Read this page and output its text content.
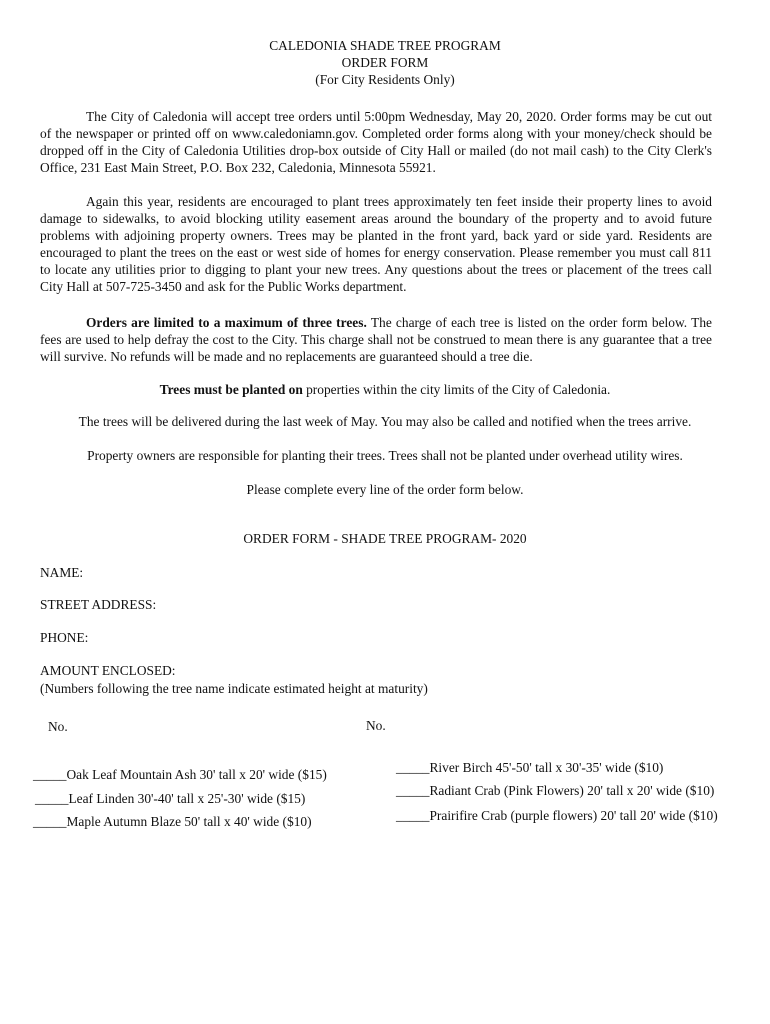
CALEDONIA SHADE TREE PROGRAM
ORDER FORM
(For City Residents Only)

The City of Caledonia will accept tree orders until 5:00pm Wednesday, May 20, 2020. Order forms may be cut out of the newspaper or printed off on www.caledoniamn.gov. Completed order forms along with your money/check should be dropped off in the City of Caledonia Utilities drop-box outside of City Hall or mailed (do not mail cash) to the City Clerk's Office, 231 East Main Street, P.O. Box 232, Caledonia, Minnesota 55921.

Again this year, residents are encouraged to plant trees approximately ten feet inside their property lines to avoid damage to sidewalks, to avoid blocking utility easement areas around the boundary of the property and to avoid future problems with adjoining property owners. Trees may be planted in the front yard, back yard or side yard. Residents are encouraged to plant the trees on the east or west side of homes for energy conservation. Please remember you must call 811 to locate any utilities prior to digging to plant your new trees. Any questions about the trees or placement of the trees call City Hall at 507-725-3450 and ask for the Public Works department.

Orders are limited to a maximum of three trees. The charge of each tree is listed on the order form below. The fees are used to help defray the cost to the City. This charge shall not be construed to mean there is any guarantee that a tree will survive. No refunds will be made and no replacements are guaranteed should a tree die.

Trees must be planted on properties within the city limits of the City of Caledonia.
The trees will be delivered during the last week of May. You may also be called and notified when the trees arrive.
Property owners are responsible for planting their trees. Trees shall not be planted under overhead utility wires.
Please complete every line of the order form below.
ORDER FORM - SHADE TREE PROGRAM- 2020
NAME:
STREET ADDRESS:
PHONE:
AMOUNT ENCLOSED:
(Numbers following the tree name indicate estimated height at maturity)
No.	No.
_____Oak Leaf Mountain Ash 30' tall x 20' wide ($15)
_____Leaf Linden 30'-40' tall x 25'-30' wide ($15)
_____Maple Autumn Blaze 50' tall x 40' wide ($10)
_____River Birch 45'-50' tall x 30'-35' wide ($10)
_____Radiant Crab (Pink Flowers) 20' tall x 20' wide ($10)
_____Prairifire Crab (purple flowers) 20' tall 20' wide ($10)
